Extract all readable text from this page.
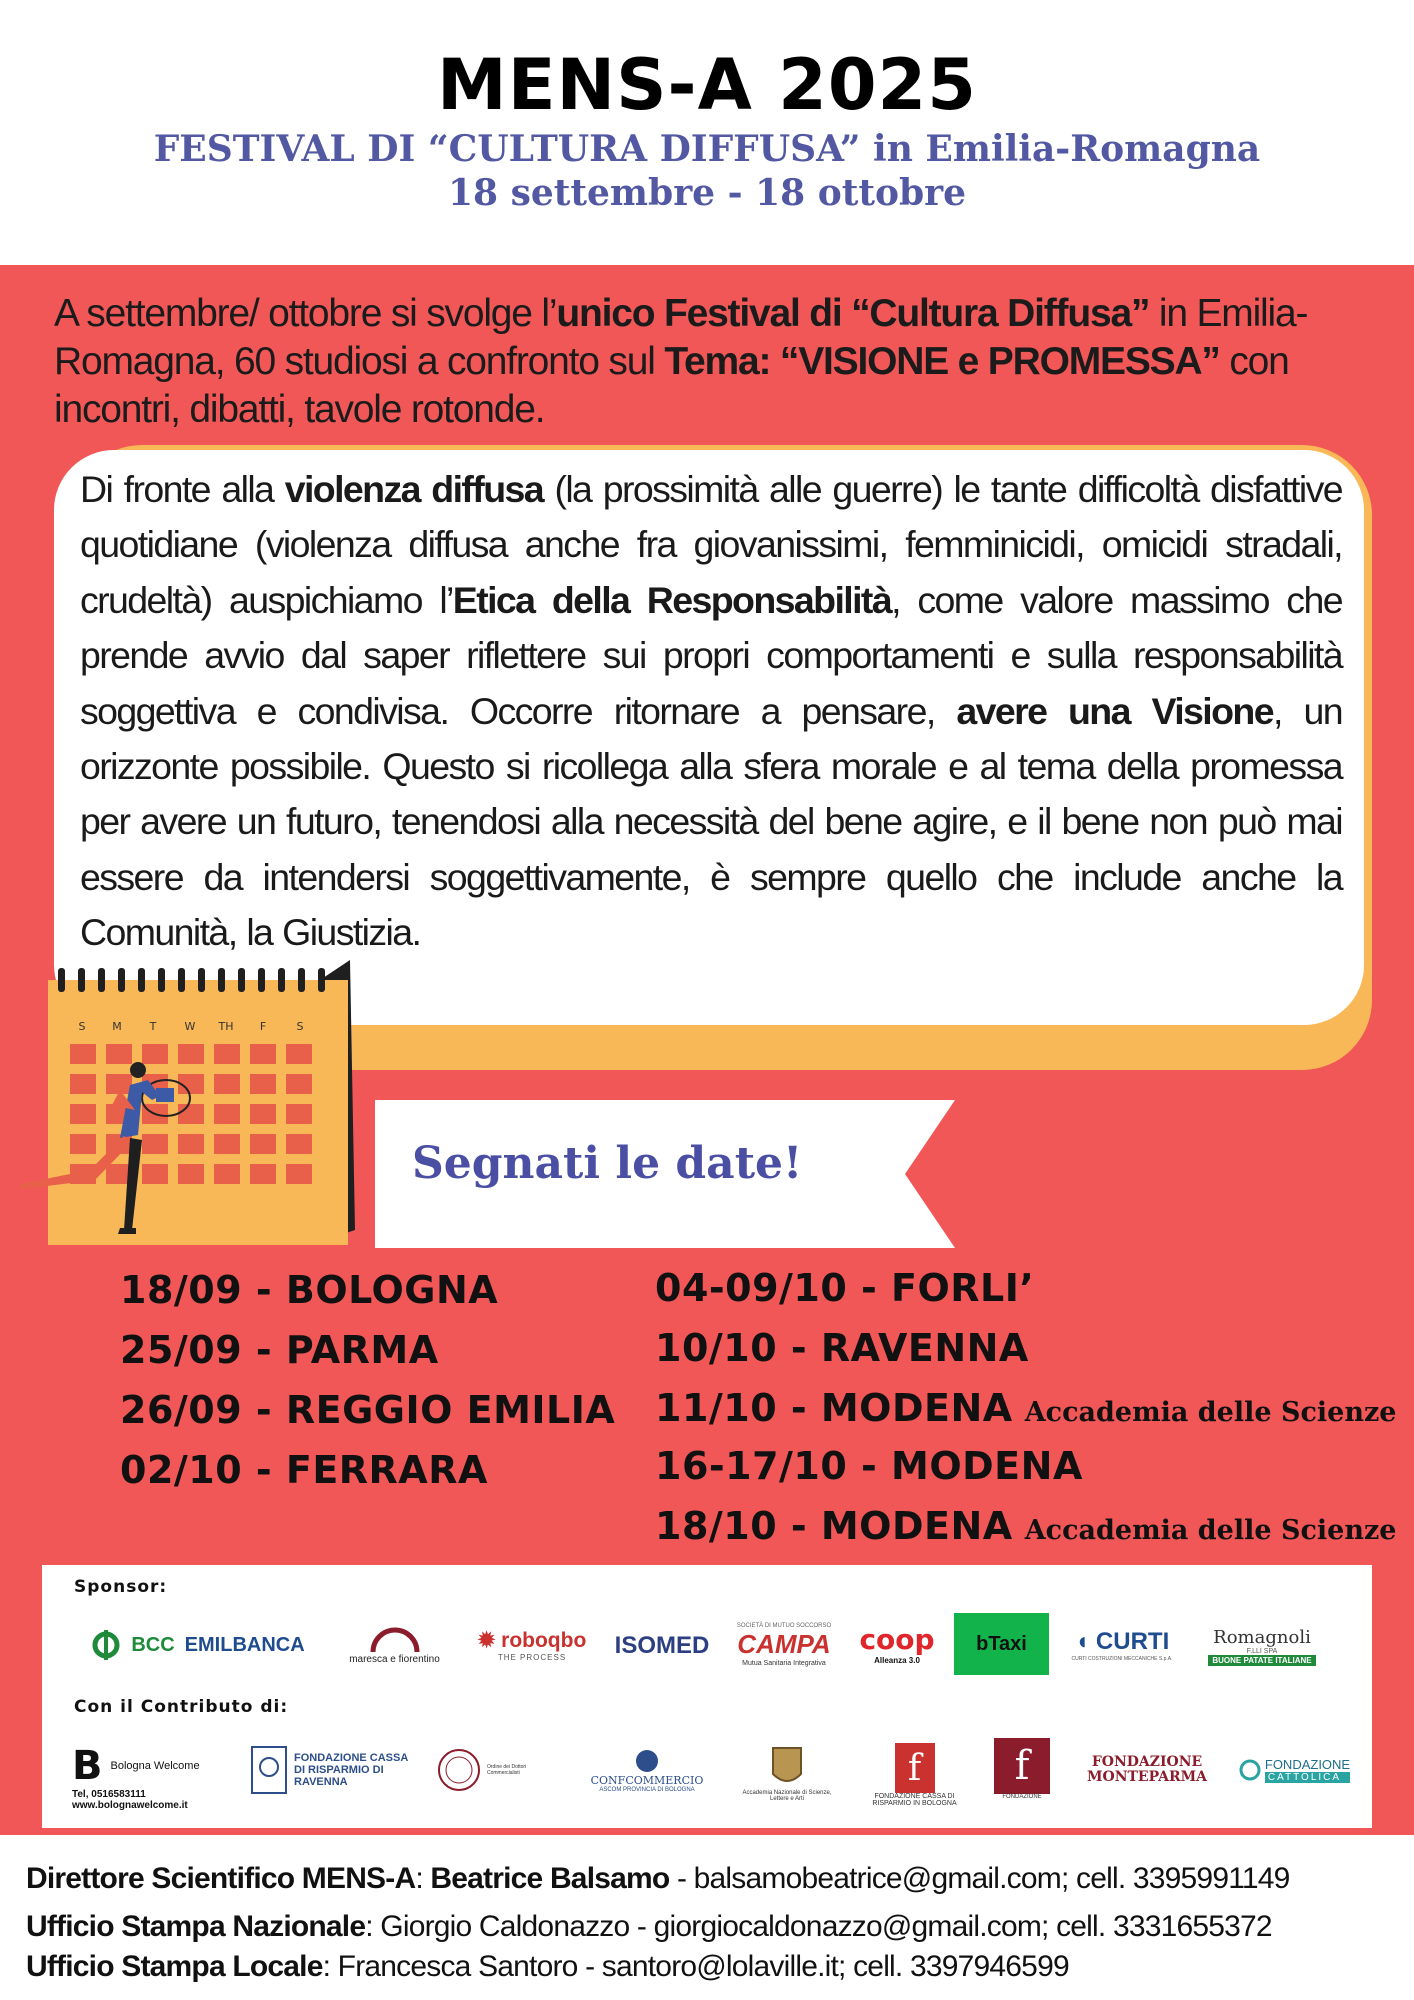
MENS-A 2025
FESTIVAL DI “CULTURA DIFFUSA” in Emilia-Romagna
18 settembre - 18 ottobre
A settembre/ ottobre si svolge l’unico Festival di “Cultura Diffusa” in Emilia-Romagna, 60 studiosi a confronto sul Tema: “VISIONE e PROMESSA” con incontri, dibatti, tavole rotonde.
Di fronte alla violenza diffusa (la prossimità alle guerre) le tante difficoltà disfattive quotidiane (violenza diffusa anche fra giovanissimi, femminicidi, omicidi stradali, crudeltà) auspichiamo l’Etica della Responsabilità, come valore massimo che prende avvio dal saper riflettere sui propri comportamenti e sulla responsabilità soggettiva e condivisa. Occorre ritornare a pensare, avere una Visione, un orizzonte possibile. Questo si ricollega alla sfera morale e al tema della promessa per avere un futuro, tenendosi alla necessità del bene agire, e il bene non può mai essere da intendersi soggettivamente, è sempre quello che include anche la Comunità, la Giustizia.
S M	T	W TH F	S
Segnati le date!
18/09 - BOLOGNA
25/09 - PARMA
26/09 - REGGIO EMILIA
02/10 - FERRARA
04-09/10 - FORLI’
10/10 - RAVENNA
11/10 - MODENA Accademia delle Scienze
16-17/10 - MODENA
18/10 - MODENA Accademia delle Scienze
Sponsor:
BCC EMILBANCA
maresca e fiorentino
✹ roboqbo
THE PROCESS ISOMED
SOCIETÀ DI MUTUO SOCCORSO
CAMPA
Mutua Sanitaria Integrativa
coop
Alleanza 3.0
bTaxi ◖ CURTI
CURTI COSTRUZIONI MECCANICHE S.p.A.
Romagnoli
F.LLI SPA
BUONE PATATE ITALIANE
Con il Contributo di:
B Bologna Welcome
Tel, 0516583111
www.bolognawelcome.it
FONDAZIONE CASSA DI RISPARMIO DI RAVENNA
Ordine dei Dottori Commercialisti
CONFCOMMERCIO
ASCOM PROVINCIA DI BOLOGNA	Accademia Nazionale di Scienze, Lettere e Arti
f
FONDAZIONE CASSA DI RISPARMIO IN BOLOGNA
f
FONDAZIONE
FONDAZIONE MONTEPARMA
FONDAZIONE
CATTOLICA
Direttore Scientifico MENS-A: Beatrice Balsamo - balsamobeatrice@gmail.com; cell. 3395991149
Ufficio Stampa Nazionale: Giorgio Caldonazzo - giorgiocaldonazzo@gmail.com; cell. 3331655372
Ufficio Stampa Locale: Francesca Santoro - santoro@lolaville.it; cell. 3397946599
